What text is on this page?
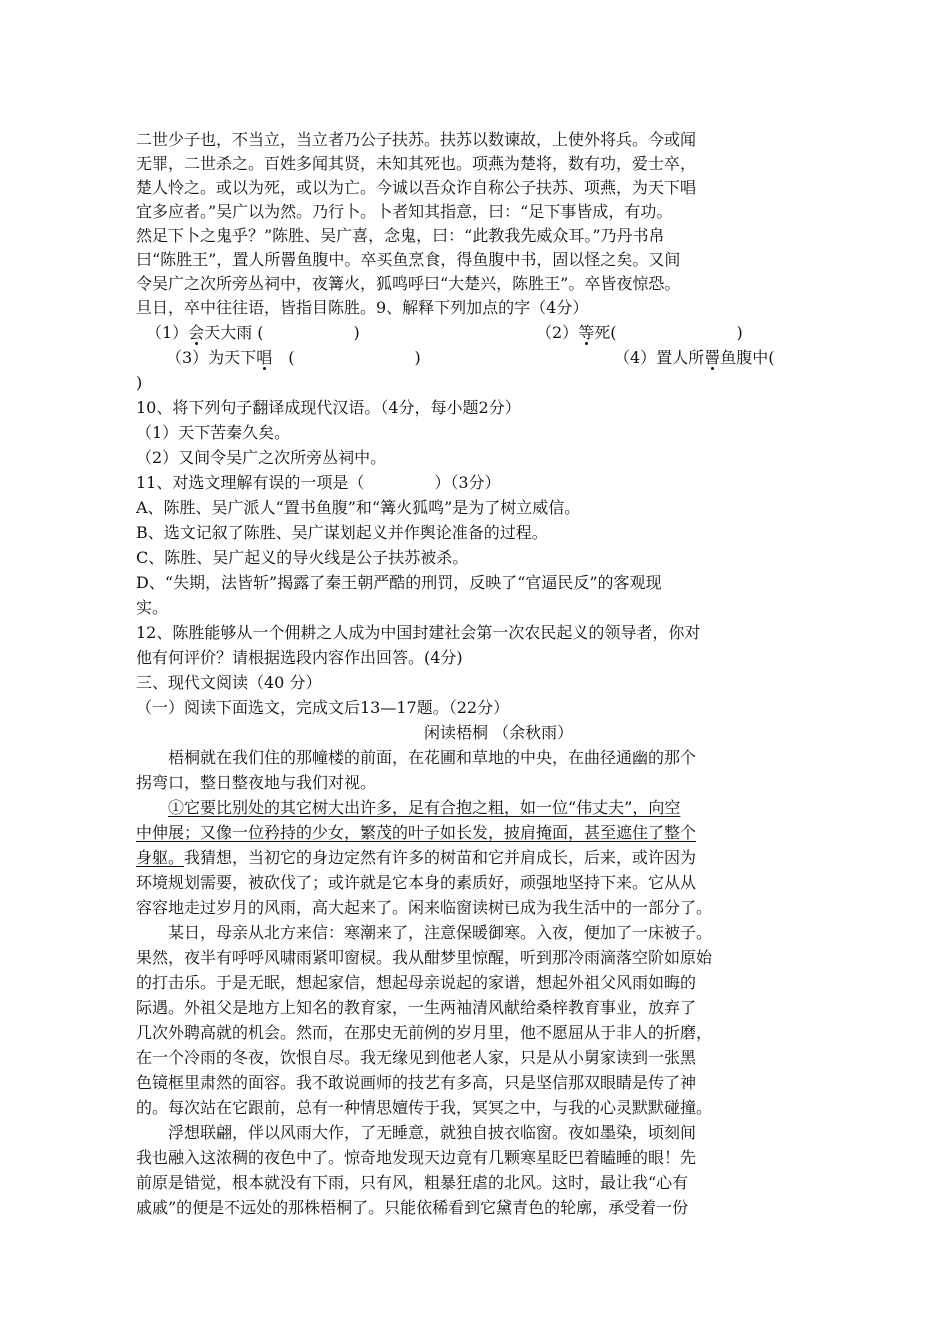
二世少子也，不当立，当立者乃公子扶苏。扶苏以数谏故，上使外将兵。今或闻
无罪，二世杀之。百姓多闻其贤，未知其死也。项燕为楚将，数有功，爱士卒，
楚人怜之。或以为死，或以为亡。今诚以吾众诈自称公子扶苏、项燕，为天下唱
宜多应者。”吴广以为然。乃行卜。卜者知其指意，曰：“足下事皆成，有功。
然足下卜之鬼乎？”陈胜、吴广喜，念鬼，曰：“此教我先威众耳。”乃丹书帛
曰“陈胜王”，置人所罾鱼腹中。卒买鱼烹食，得鱼腹中书，固以怪之矣。又间
令吴广之次所旁丛祠中，夜篝火，狐鸣呼曰“大楚兴，陈胜王”。卒皆夜惊恐。
旦日，卒中往往语，皆指目陈胜。9、解释下列加点的字（4分）
（1）会天大雨 (	)	（2）等死(	)
（3）为天下唱 (	)	（4）置人所罾鱼腹中(
)
10、将下列句子翻译成现代汉语。（4分，每小题2分）
（1）天下苦秦久矣。
（2）又间令吴广之次所旁丛祠中。
11、对选文理解有误的一项是（	）（3分）
A、陈胜、吴广派人“置书鱼腹”和“篝火狐鸣”是为了树立威信。
B、选文记叙了陈胜、吴广谋划起义并作舆论准备的过程。
C、陈胜、吴广起义的导火线是公子扶苏被杀。
D、“失期，法皆斩”揭露了秦王朝严酷的刑罚，反映了“官逼民反”的客观现
实。
12、陈胜能够从一个佣耕之人成为中国封建社会第一次农民起义的领导者，你对
他有何评价？请根据选段内容作出回答。(4分)
三、现代文阅读（40 分）
（一）阅读下面选文，完成文后13—17题。（22分）
闲读梧桐 （余秋雨）
梧桐就在我们住的那幢楼的前面，在花圃和草地的中央，在曲径通幽的那个
拐弯口，整日整夜地与我们对视。
①它要比别处的其它树大出许多，足有合抱之粗，如一位“伟丈夫”，向空
中伸展；又像一位矜持的少女，繁茂的叶子如长发，披肩掩面，甚至遮住了整个
身躯。我猜想，当初它的身边定然有许多的树苗和它并肩成长，后来，或许因为
环境规划需要，被砍伐了；或许就是它本身的素质好，顽强地坚持下来。它从从
容容地走过岁月的风雨，高大起来了。闲来临窗读树已成为我生活中的一部分了。
某日，母亲从北方来信：寒潮来了，注意保暖御寒。入夜，便加了一床被子。
果然，夜半有呼呼风啸雨紧叩窗棂。我从酣梦里惊醒，听到那冷雨滴落空阶如原始
的打击乐。于是无眠，想起家信，想起母亲说起的家谱，想起外祖父风雨如晦的
际遇。外祖父是地方上知名的教育家，一生两袖清风献给桑梓教育事业，放弃了
几次外聘高就的机会。然而，在那史无前例的岁月里，他不愿屈从于非人的折磨，
在一个冷雨的冬夜，饮恨自尽。我无缘见到他老人家，只是从小舅家读到一张黑
色镜框里肃然的面容。我不敢说画师的技艺有多高，只是坚信那双眼睛是传了神
的。每次站在它跟前，总有一种情思嬗传于我，冥冥之中，与我的心灵默默碰撞。
浮想联翩，伴以风雨大作，了无睡意，就独自披衣临窗。夜如墨染，顷刻间
我也融入这浓稠的夜色中了。惊奇地发现天边竟有几颗寒星眨巴着瞌睡的眼！先
前原是错觉，根本就没有下雨，只有风，粗暴狂虐的北风。这时，最让我“心有
戚戚”的便是不远处的那株梧桐了。只能依稀看到它黛青色的轮廓，承受着一份
